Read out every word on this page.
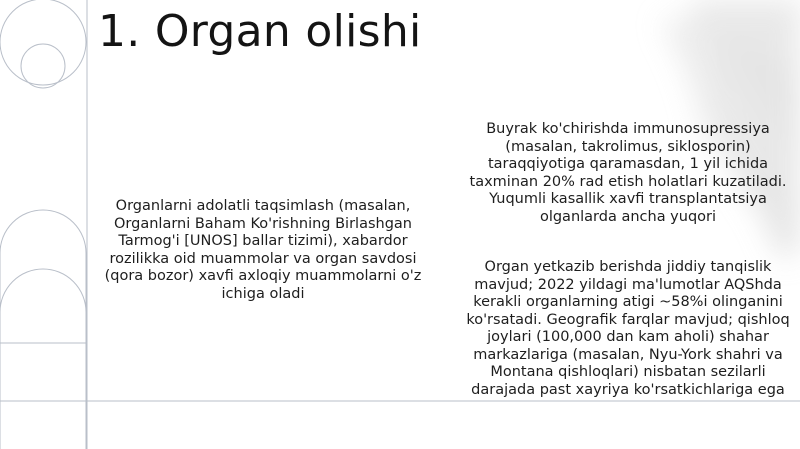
1. Organ olishi
Organlarni adolatli taqsimlash (masalan, Organlarni Baham Ko'rishning Birlashgan Tarmog'i [UNOS] ballar tizimi), xabardor rozilikka oid muammolar va organ savdosi (qora bozor) xavfi axloqiy muammolarni o'z ichiga oladi
Buyrak ko'chirishda immunosupressiya (masalan, takrolimus, siklosporin) taraqqiyotiga qaramasdan, 1 yil ichida taxminan 20% rad etish holatlari kuzatiladi. Yuqumli kasallik xavfi transplantatsiya olganlarda ancha yuqori
Organ yetkazib berishda jiddiy tanqislik mavjud; 2022 yildagi ma'lumotlar AQShda kerakli organlarning atigi ~58%i olinganini ko'rsatadi. Geografik farqlar mavjud; qishloq joylari (100,000 dan kam aholi) shahar markazlariga (masalan, Nyu-York shahri va Montana qishloqlari) nisbatan sezilarli darajada past xayriya ko'rsatkichlariga ega
